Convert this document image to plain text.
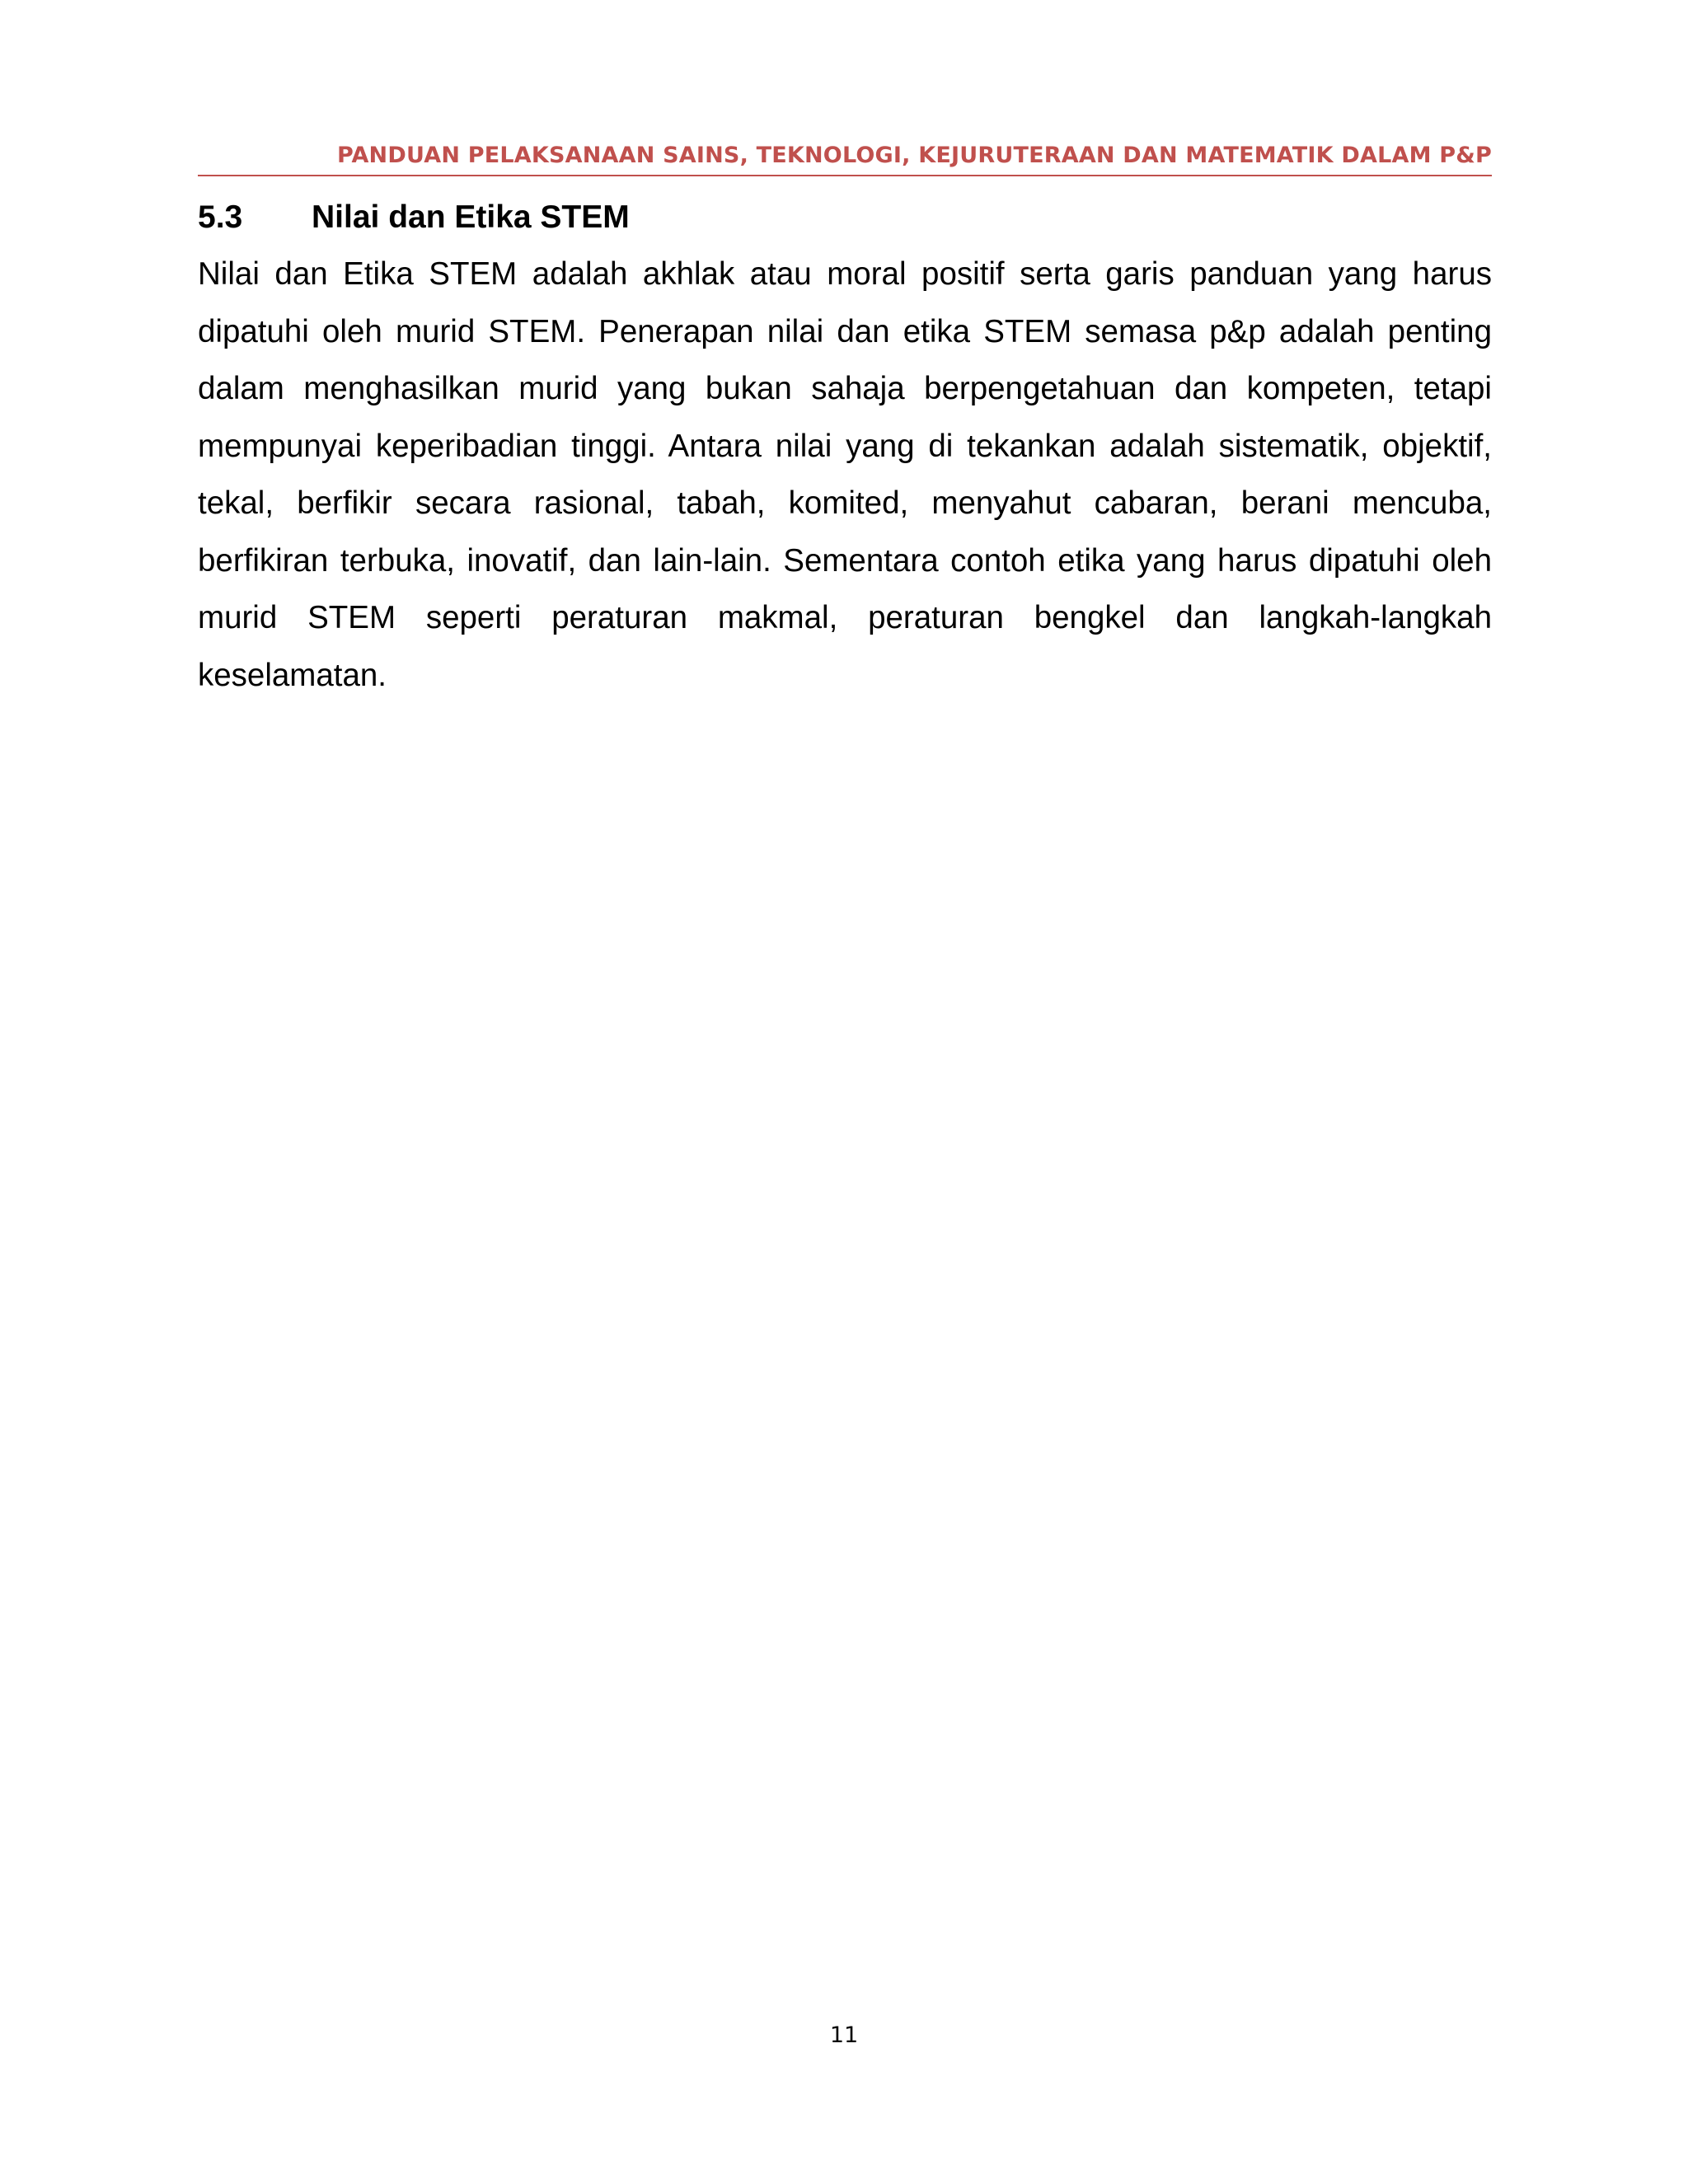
PANDUAN PELAKSANAAN SAINS, TEKNOLOGI, KEJURUTERAAN DAN MATEMATIK DALAM P&P
5.3 Nilai dan Etika STEM

Nilai dan Etika STEM adalah akhlak atau moral positif serta garis panduan yang harus dipatuhi oleh murid STEM. Penerapan nilai dan etika STEM semasa p&p adalah penting dalam menghasilkan murid yang bukan sahaja berpengetahuan dan kompeten, tetapi mempunyai keperibadian tinggi. Antara nilai yang di tekankan adalah sistematik, objektif, tekal, berfikir secara rasional, tabah, komited, menyahut cabaran, berani mencuba, berfikiran terbuka, inovatif, dan lain-lain. Sementara contoh etika yang harus dipatuhi oleh murid STEM seperti peraturan makmal, peraturan bengkel dan langkah-langkah keselamatan.

11
